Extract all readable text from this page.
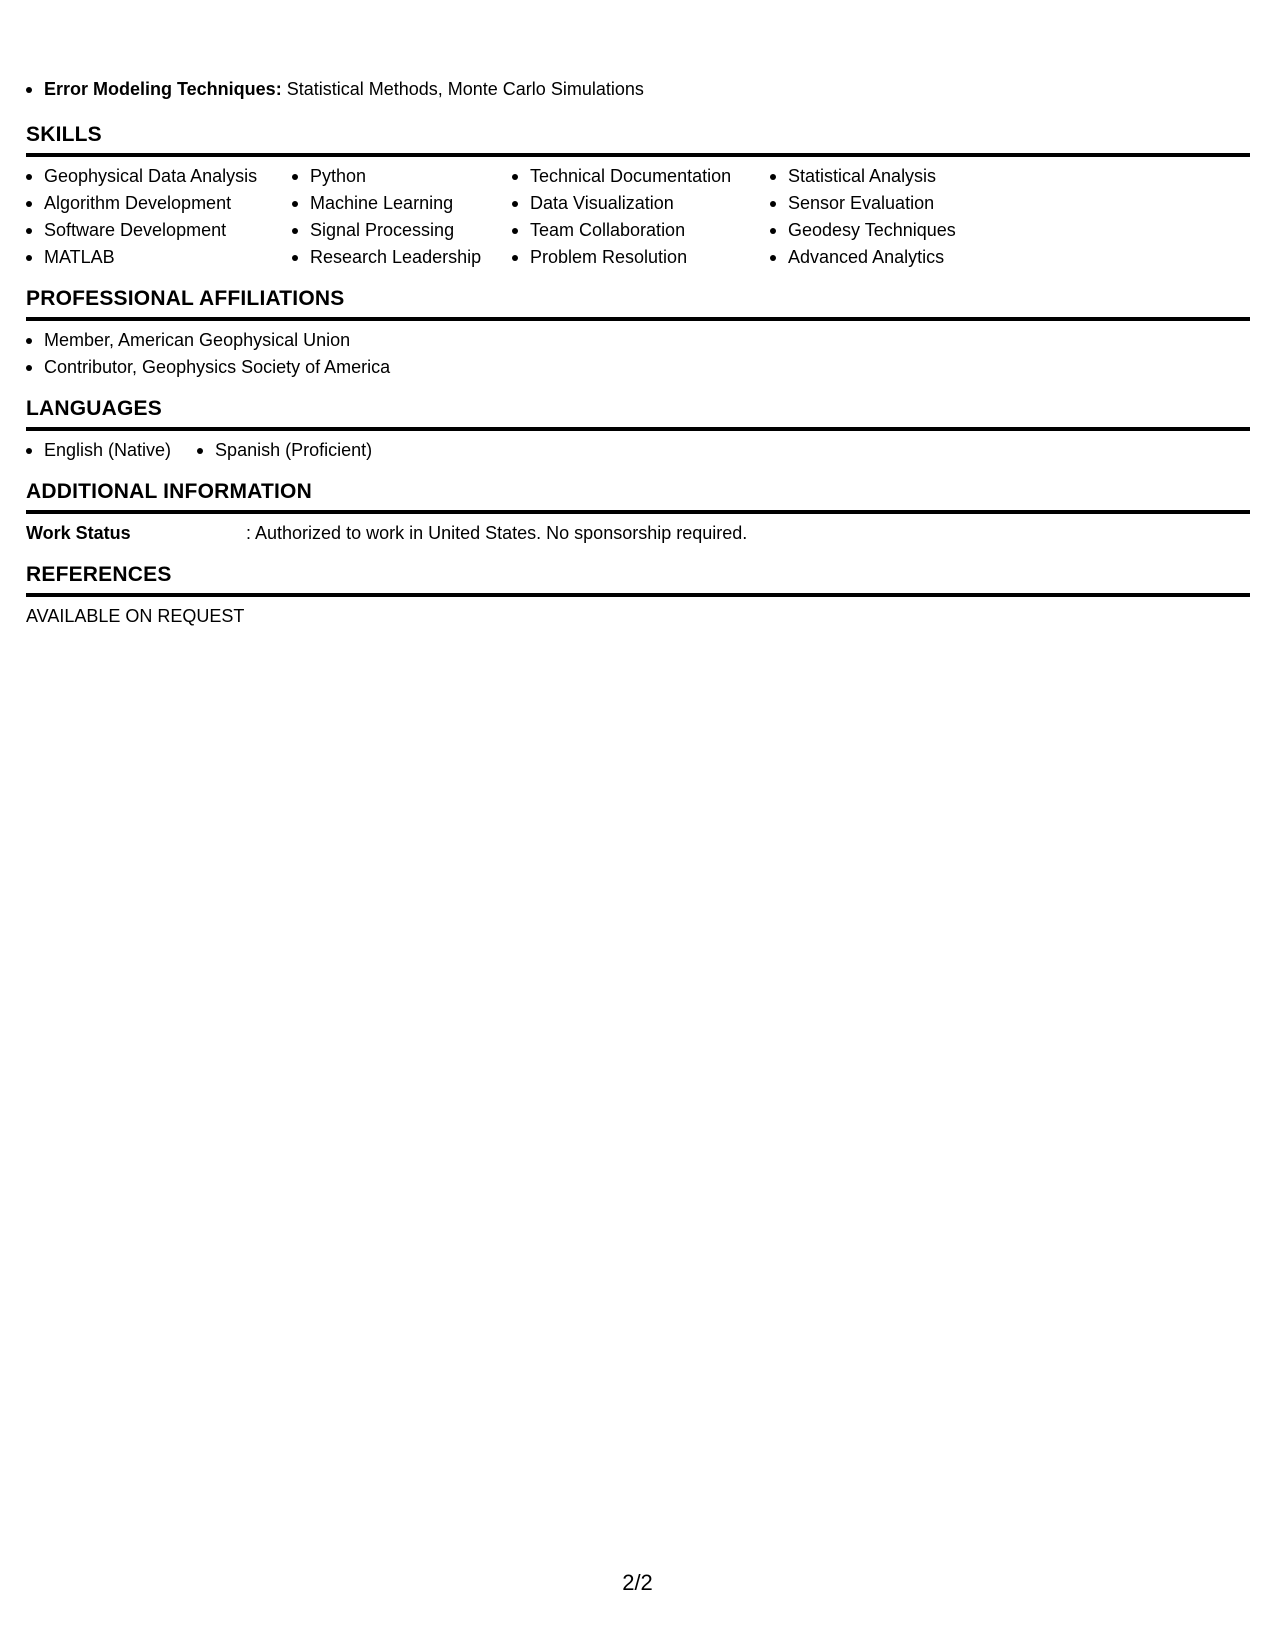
Error Modeling Techniques: Statistical Methods, Monte Carlo Simulations
SKILLS
Geophysical Data Analysis
Algorithm Development
Software Development
MATLAB
Python
Machine Learning
Signal Processing
Research Leadership
Technical Documentation
Data Visualization
Team Collaboration
Problem Resolution
Statistical Analysis
Sensor Evaluation
Geodesy Techniques
Advanced Analytics
PROFESSIONAL AFFILIATIONS
Member, American Geophysical Union
Contributor, Geophysics Society of America
LANGUAGES
English (Native)	Spanish (Proficient)
ADDITIONAL INFORMATION
Work Status	: Authorized to work in United States. No sponsorship required.
REFERENCES
AVAILABLE ON REQUEST
2/2
